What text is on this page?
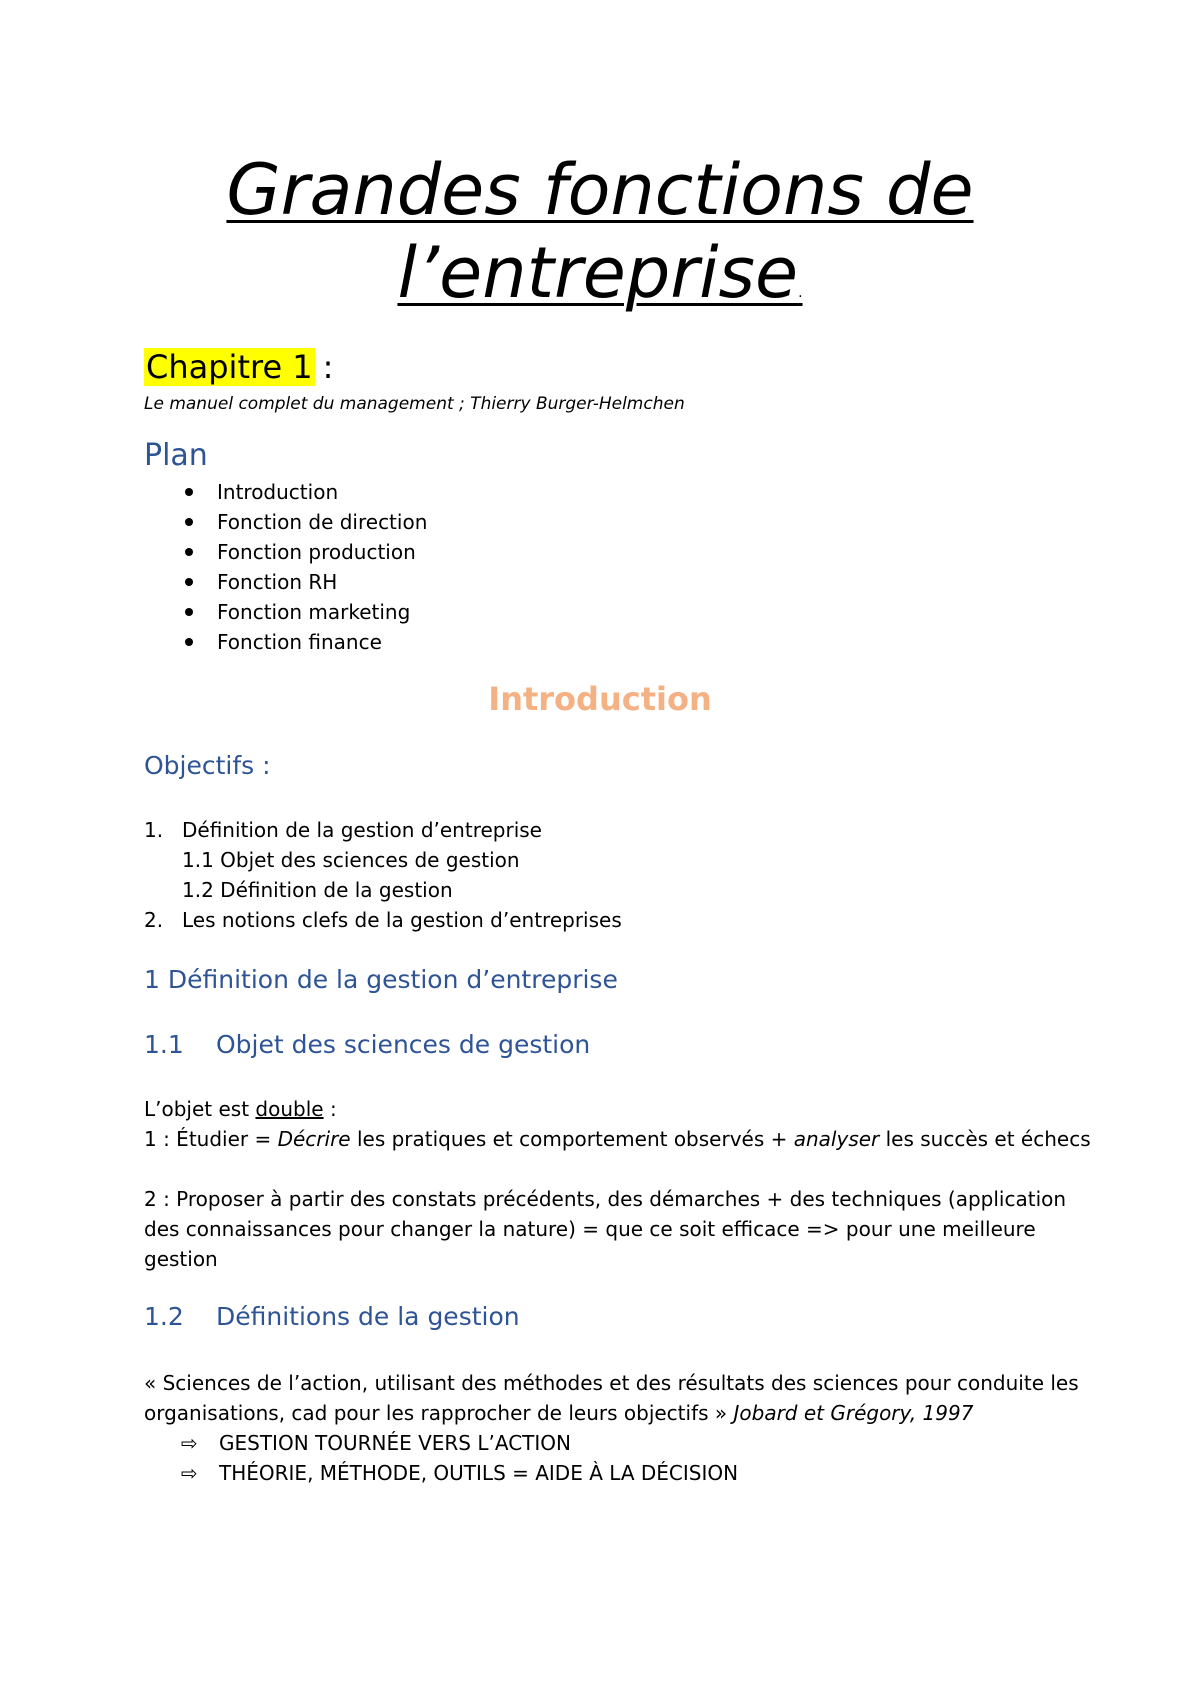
Grandes fonctions de
l’entreprise.
Chapitre 1 :
Le manuel complet du management ; Thierry Burger-Helmchen
Plan
Introduction
Fonction de direction
Fonction production
Fonction RH
Fonction marketing
Fonction finance
Introduction
Objectifs :
1. Définition de la gestion d’entreprise
1.1 Objet des sciences de gestion
1.2 Définition de la gestion
2. Les notions clefs de la gestion d’entreprises
1 Définition de la gestion d’entreprise
1.1 Objet des sciences de gestion
L’objet est double :
1 : Étudier = Décrire les pratiques et comportement observés + analyser les succès et échecs
2 : Proposer à partir des constats précédents, des démarches + des techniques (application
des connaissances pour changer la nature) = que ce soit efficace => pour une meilleure
gestion
1.2 Définitions de la gestion
« Sciences de l’action, utilisant des méthodes et des résultats des sciences pour conduite les
organisations, cad pour les rapprocher de leurs objectifs » Jobard et Grégory, 1997
⇨ GESTION TOURNÉE VERS L’ACTION
⇨ THÉORIE, MÉTHODE, OUTILS = AIDE À LA DÉCISION
